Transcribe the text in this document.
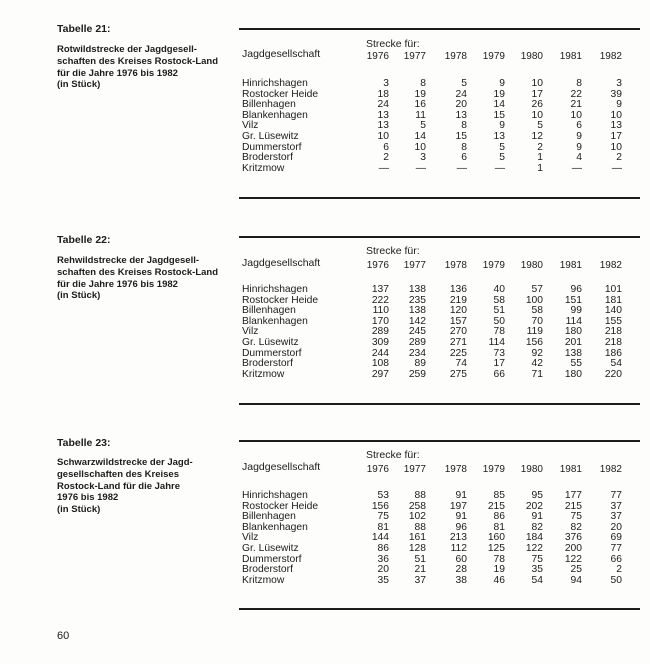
Tabelle 21:
Rotwildstrecke der Jagdgesell-
schaften des Kreises Rostock-Land
für die Jahre 1976 bis 1982
(in Stück)
Jagdgesellschaft
Strecke für:
1976	1977	1978	1979	1980	1981	1982
Hinrichshagen	3	8	5	9	10	8	3
Rostocker Heide	18	19	24	19	17	22	39
Billenhagen	24	16	20	14	26	21	9
Blankenhagen	13	11	13	15	10	10	10
Vilz	13	5	8	9	5	6	13
Gr. Lüsewitz	10	14	15	13	12	9	17
Dummerstorf	6	10	8	5	2	9	10
Broderstorf	2	3	6	5	1	4	2
Kritzmow	—	—	—	—	1	—	—
Tabelle 22:
Rehwildstrecke der Jagdgesell-
schaften des Kreises Rostock-Land
für die Jahre 1976 bis 1982
(in Stück)
Jagdgesellschaft
Strecke für:
1976	1977	1978	1979	1980	1981	1982
Hinrichshagen	137	138	136	40	57	96	101
Rostocker Heide	222	235	219	58	100	151	181
Billenhagen	110	138	120	51	58	99	140
Blankenhagen	170	142	157	50	70	114	155
Vilz	289	245	270	78	119	180	218
Gr. Lüsewitz	309	289	271	114	156	201	218
Dummerstorf	244	234	225	73	92	138	186
Broderstorf	108	89	74	17	42	55	54
Kritzmow	297	259	275	66	71	180	220
Tabelle 23:
Schwarzwildstrecke der Jagd-
gesellschaften des Kreises
Rostock-Land für die Jahre
1976 bis 1982
(in Stück)
Jagdgesellschaft
Strecke für:
1976	1977	1978	1979	1980	1981	1982
Hinrichshagen	53	88	91	85	95	177	77
Rostocker Heide	156	258	197	215	202	215	37
Billenhagen	75	102	91	86	91	75	37
Blankenhagen	81	88	96	81	82	82	20
Vilz	144	161	213	160	184	376	69
Gr. Lüsewitz	86	128	112	125	122	200	77
Dummerstorf	36	51	60	78	75	122	66
Broderstorf	20	21	28	19	35	25	2
Kritzmow	35	37	38	46	54	94	50
60
